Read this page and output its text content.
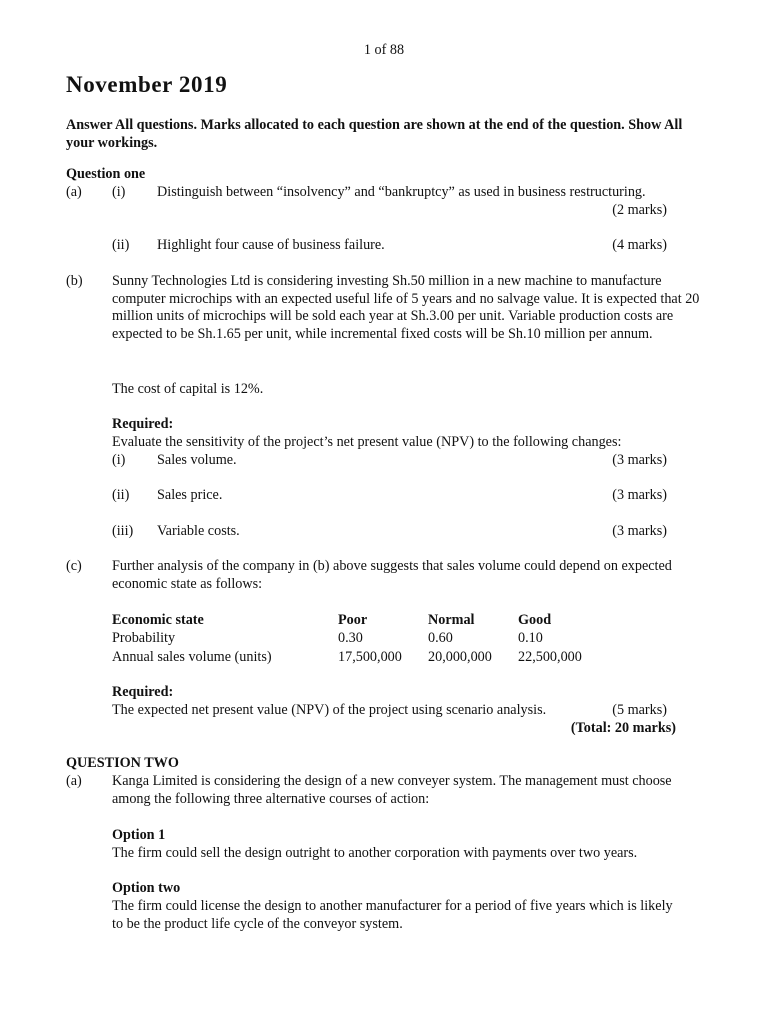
1 of 88
November 2019
Answer All questions. Marks allocated to each question are shown at the end of the question. Show All your workings.
Question one
(a) (i) Distinguish between “insolvency” and “bankruptcy” as used in business restructuring.
(2 marks)
(ii) Highlight four cause of business failure.	(4 marks)
(b) Sunny Technologies Ltd is considering investing Sh.50 million in a new machine to manufacture computer microchips with an expected useful life of 5 years and no salvage value. It is expected that 20 million units of microchips will be sold each year at Sh.3.00 per unit. Variable production costs are expected to be Sh.1.65 per unit, while incremental fixed costs will be Sh.10 million per annum.
The cost of capital is 12%.
Required:
Evaluate the sensitivity of the project’s net present value (NPV) to the following changes:
(i) Sales volume.	(3 marks)
(ii) Sales price.	(3 marks)
(iii) Variable costs.	(3 marks)
(c) Further analysis of the company in (b) above suggests that sales volume could depend on expected economic state as follows:
Economic state	Poor	Normal	Good
Probability	0.30	0.60	0.10
Annual sales volume (units)	17,500,000 20,000,000 22,500,000
Required:
The expected net present value (NPV) of the project using scenario analysis.	(5 marks)
(Total: 20 marks)
QUESTION TWO
(a) Kanga Limited is considering the design of a new conveyer system. The management must choose among the following three alternative courses of action:
Option 1
The firm could sell the design outright to another corporation with payments over two years.
Option two
The firm could license the design to another manufacturer for a period of five years which is likely to be the product life cycle of the conveyor system.
